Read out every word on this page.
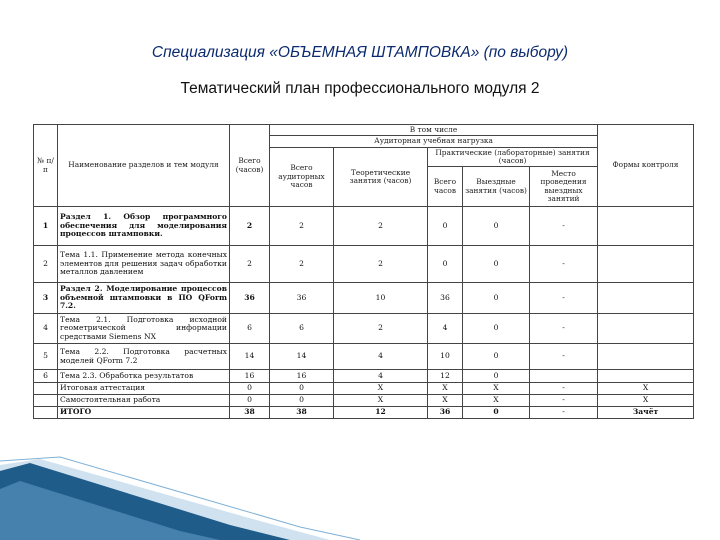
Специализация «ОБЪЕМНАЯ ШТАМПОВКА» (по выбору)
Тематический план профессионального модуля 2
№ п/п	Наименование разделов и тем модуля	Всего (часов)	В том числе					Формы контроля
			Аудиторная учебная нагрузка					
			Всего аудиторных часов	Теоретические занятия (часов)	Практические (лабораторные) занятия (часов)			
					Всего часов	Выездные занятия (часов)	Место проведения выездных занятий	
1	Раздел 1. Обзор программного обеспечения для моделирования процессов штамповки.	2	2	2	0	0	-	
2	Тема 1.1. Применение метода конечных элементов для решения задач обработки металлов давлением	2	2	2	0	0	-	
3	Раздел 2. Моделирование процессов объемной штамповки в ПО QForm 7.2.	36	36	10	36	0	-	
4	Тема 2.1. Подготовка исходной геометрической информации средствами Siemens NX	6	6	2	4	0	-	
5	Тема 2.2. Подготовка расчетных моделей QForm 7.2	14	14	4	10	0	-	
6	Тема 2.3. Обработка результатов	16	16	4	12	0		
	Итоговая аттестация	0	0	X	X	X	-	X
	Самостоятельная работа	0	0	X	X	X	-	X
	ИТОГО	38	38	12	36	0	-	Зачёт
